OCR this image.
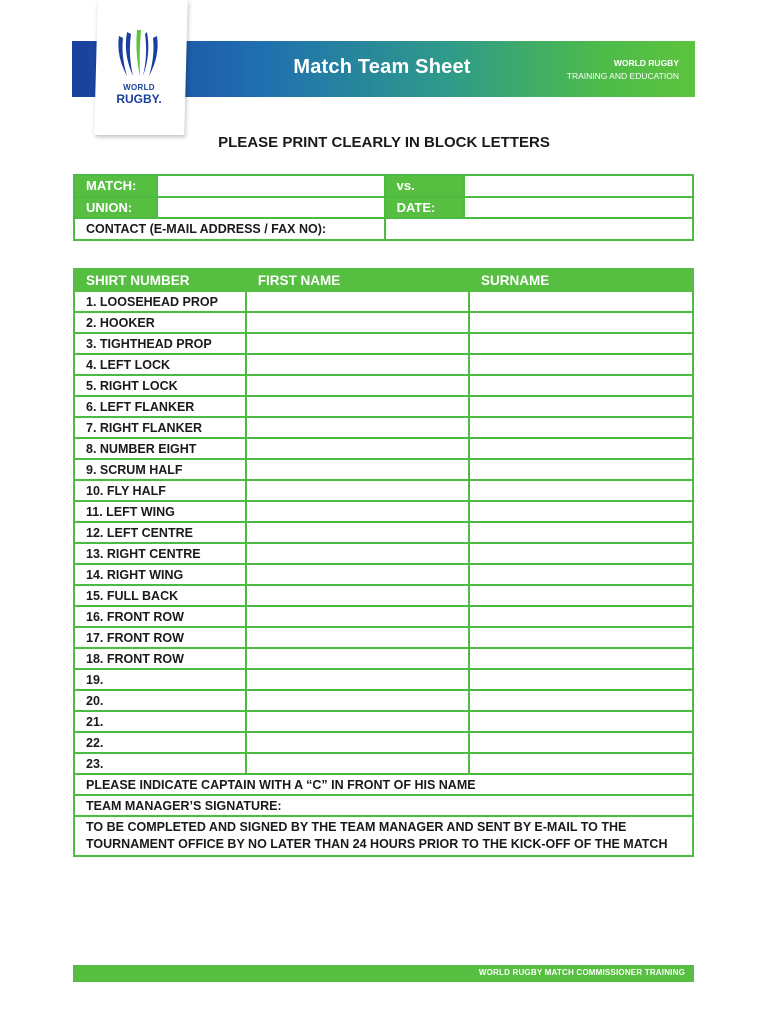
Match Team Sheet	WORLD RUGBY
TRAINING AND EDUCATION
WORLD
RUGBY.
PLEASE PRINT CLEARLY IN BLOCK LETTERS
MATCH:		vs.	
UNION:		DATE:	
CONTACT (E-MAIL ADDRESS / FAX NO):			
SHIRT NUMBER	FIRST NAME	SURNAME
1. LOOSEHEAD PROP		
2. HOOKER		
3. TIGHTHEAD PROP		
4. LEFT LOCK		
5. RIGHT LOCK		
6. LEFT FLANKER		
7. RIGHT FLANKER		
8. NUMBER EIGHT		
9. SCRUM HALF		
10. FLY HALF		
11. LEFT WING		
12. LEFT CENTRE		
13. RIGHT CENTRE		
14. RIGHT WING		
15. FULL BACK		
16. FRONT ROW		
17. FRONT ROW		
18. FRONT ROW		
19.		
20.		
21.		
22.		
23.		
PLEASE INDICATE CAPTAIN WITH A “C” IN FRONT OF HIS NAME		
TEAM MANAGER’S SIGNATURE:		
TO BE COMPLETED AND SIGNED BY THE TEAM MANAGER AND SENT BY E-MAIL TO THE TOURNAMENT OFFICE BY NO LATER THAN 24 HOURS PRIOR TO THE KICK-OFF OF THE MATCH		
WORLD RUGBY MATCH COMMISSIONER TRAINING
